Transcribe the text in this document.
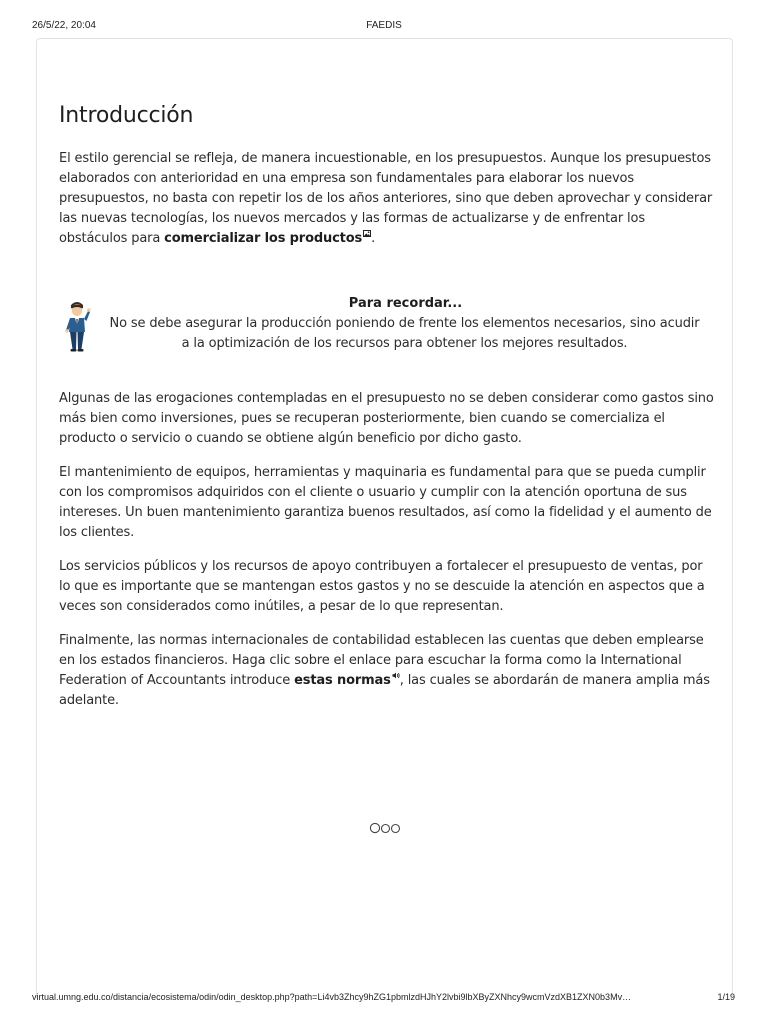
26/5/22, 20:04	FAEDIS
Introducción

El estilo gerencial se refleja, de manera incuestionable, en los presupuestos. Aunque los presupuestos elaborados con anterioridad en una empresa son fundamentales para elaborar los nuevos presupuestos, no basta con repetir los de los años anteriores, sino que deben aprovechar y considerar las nuevas tecnologías, los nuevos mercados y las formas de actualizarse y de enfrentar los obstáculos para comercializar los productos .

Para recordar...

No se debe asegurar la producción poniendo de frente los elementos necesarios, sino acudir a la optimización de los recursos para obtener los mejores resultados.

Algunas de las erogaciones contempladas en el presupuesto no se deben considerar como gastos sino más bien como inversiones, pues se recuperan posteriormente, bien cuando se comercializa el producto o servicio o cuando se obtiene algún beneficio por dicho gasto.

El mantenimiento de equipos, herramientas y maquinaria es fundamental para que se pueda cumplir con los compromisos adquiridos con el cliente o usuario y cumplir con la atención oportuna de sus intereses. Un buen mantenimiento garantiza buenos resultados, así como la fidelidad y el aumento de los clientes.

Los servicios públicos y los recursos de apoyo contribuyen a fortalecer el presupuesto de ventas, por lo que es importante que se mantengan estos gastos y no se descuide la atención en aspectos que a veces son considerados como inútiles, a pesar de lo que representan.

Finalmente, las normas internacionales de contabilidad establecen las cuentas que deben emplearse en los estados financieros. Haga clic sobre el enlace para escuchar la forma como la International Federation of Accountants introduce estas normas , las cuales se abordarán de manera amplia más adelante.

virtual.umng.edu.co/distancia/ecosistema/odin/odin_desktop.php?path=Li4vb3Zhcy9hZG1pbmlzdHJhY2lvbi9lbXByZXNhcy9wcmVzdXB1ZXN0b3Mv…	1/19
